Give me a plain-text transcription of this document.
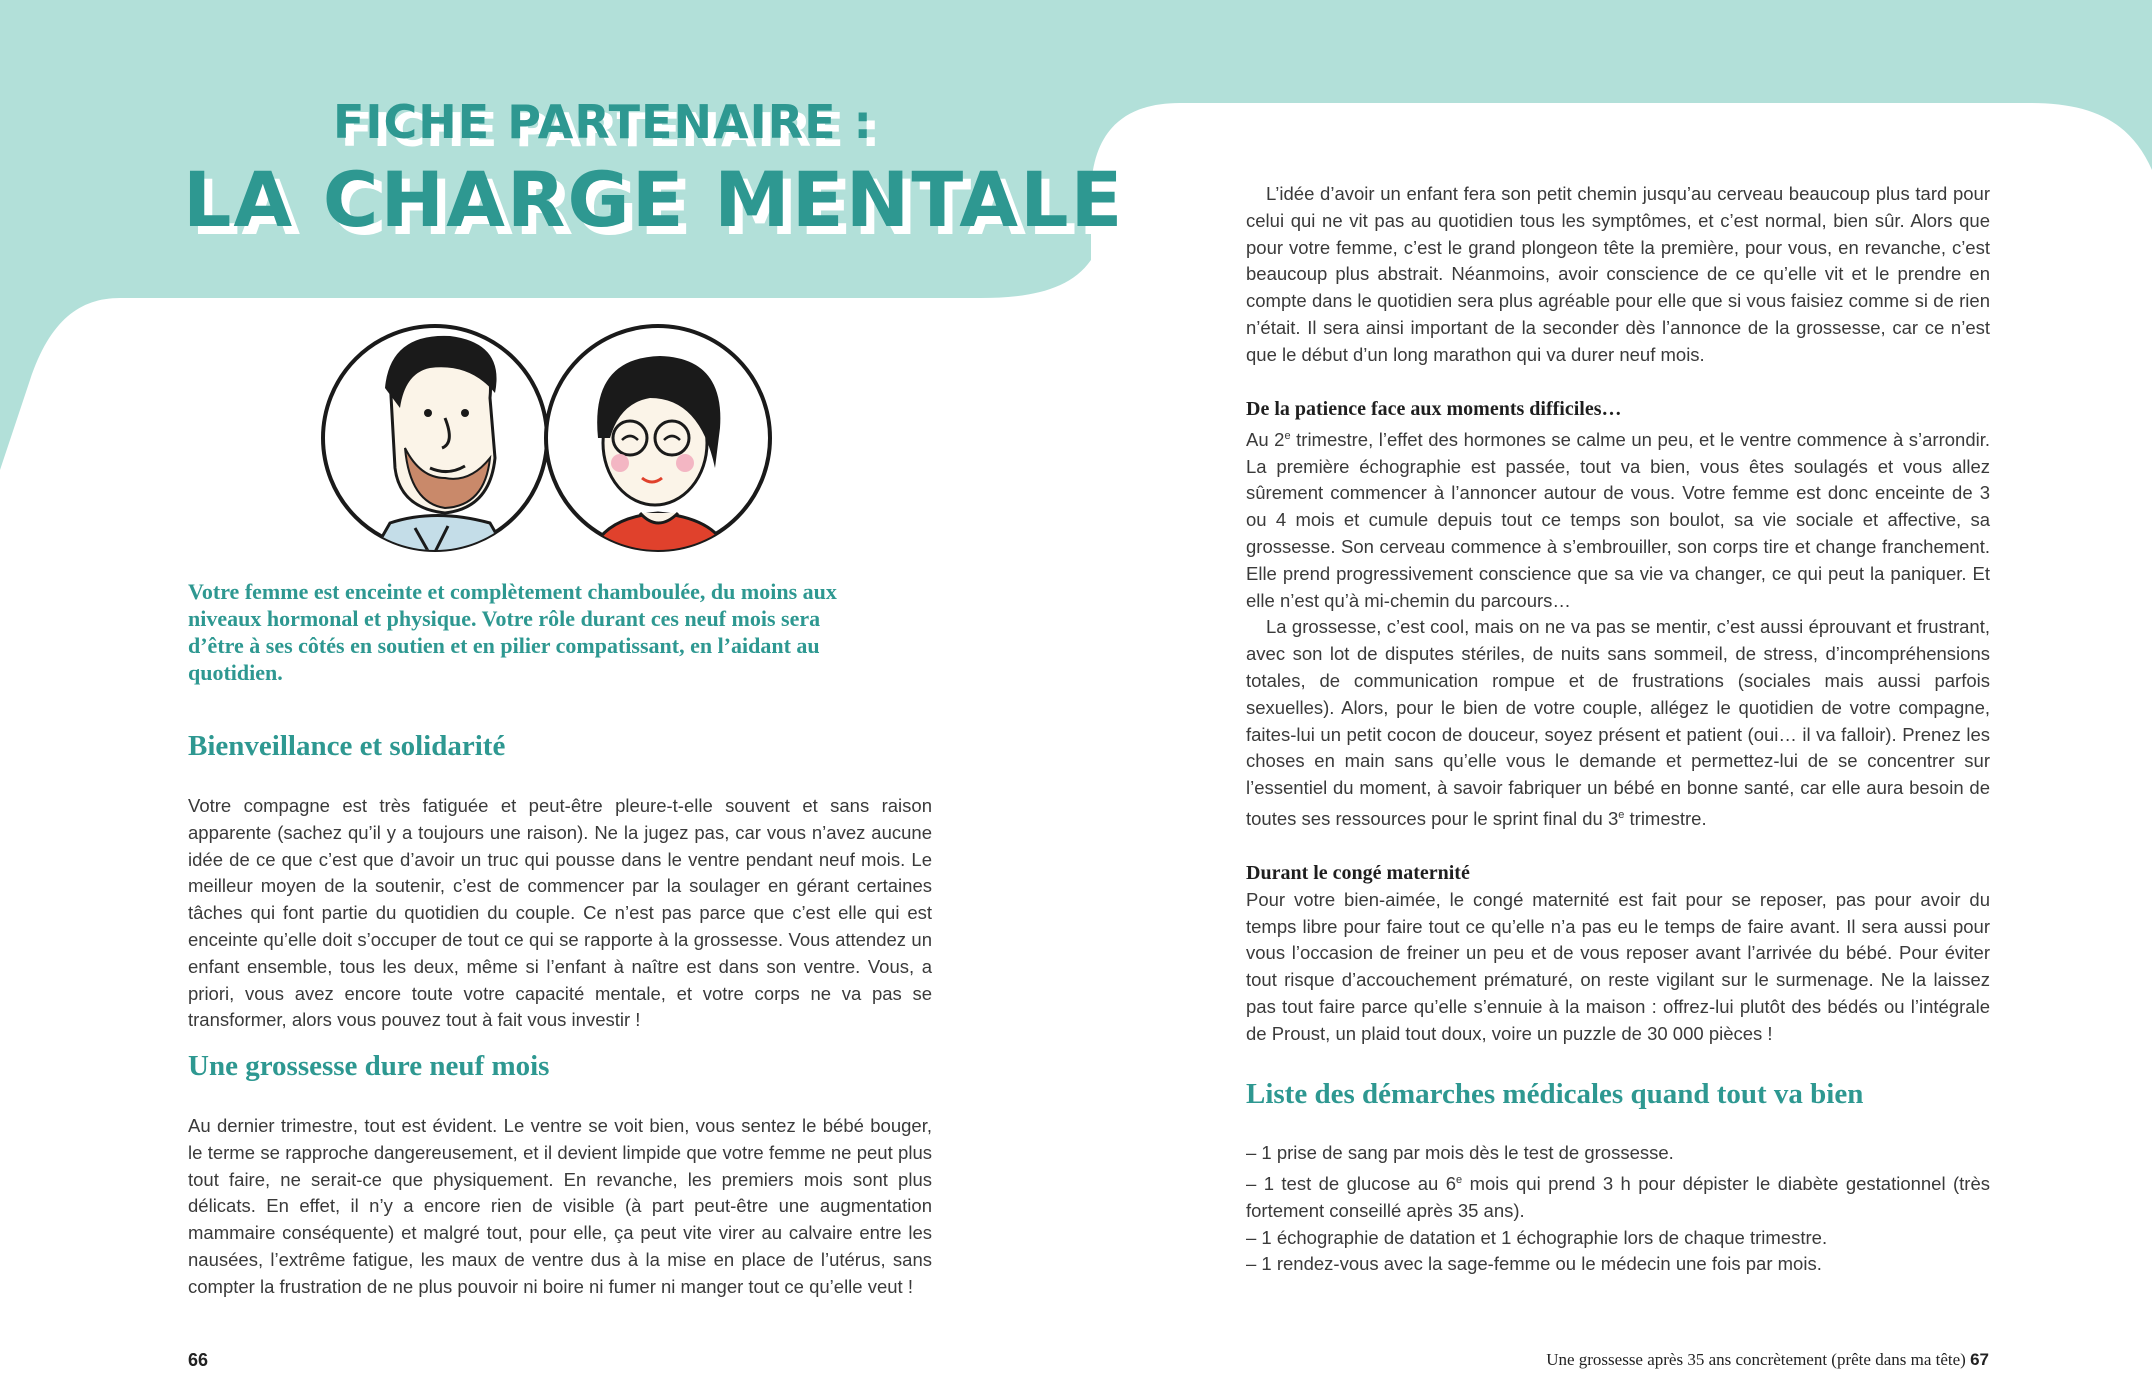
FICHE PARTENAIRE :
LA CHARGE MENTALE
Votre femme est enceinte et complètement chamboulée, du moins aux niveaux hormonal et physique. Votre rôle durant ces neuf mois sera d’être à ses côtés en soutien et en pilier compatissant, en l’aidant au quotidien.
Bienveillance et solidarité

Votre compagne est très fatiguée et peut-être pleure-t-elle souvent et sans raison apparente (sachez qu’il y a toujours une raison). Ne la jugez pas, car vous n’avez aucune idée de ce que c’est que d’avoir un truc qui pousse dans le ventre pendant neuf mois. Le meilleur moyen de la soutenir, c’est de commencer par la soulager en gérant certaines tâches qui font partie du quotidien du couple. Ce n’est pas parce que c’est elle qui est enceinte qu’elle doit s’occuper de tout ce qui se rapporte à la grossesse. Vous attendez un enfant ensemble, tous les deux, même si l’enfant à naître est dans son ventre. Vous, a priori, vous avez encore toute votre capacité mentale, et votre corps ne va pas se transformer, alors vous pouvez tout à fait vous investir !

Une grossesse dure neuf mois

Au dernier trimestre, tout est évident. Le ventre se voit bien, vous sentez le bébé bouger, le terme se rapproche dangereusement, et il devient limpide que votre femme ne peut plus tout faire, ne serait-ce que physiquement. En revanche, les premiers mois sont plus délicats. En effet, il n’y a encore rien de visible (à part peut-être une augmentation mammaire conséquente) et malgré tout, pour elle, ça peut vite virer au calvaire entre les nausées, l’extrême fatigue, les maux de ventre dus à la mise en place de l’utérus, sans compter la frustration de ne plus pouvoir ni boire ni fumer ni manger tout ce qu’elle veut !

66

L’idée d’avoir un enfant fera son petit chemin jusqu’au cerveau beaucoup plus tard pour celui qui ne vit pas au quotidien tous les symptômes, et c’est normal, bien sûr. Alors que pour votre femme, c’est le grand plongeon tête la première, pour vous, en revanche, c’est beaucoup plus abstrait. Néanmoins, avoir conscience de ce qu’elle vit et le prendre en compte dans le quotidien sera plus agréable pour elle que si vous faisiez comme si de rien n’était. Il sera ainsi important de la seconder dès l’annonce de la grossesse, car ce n’est que le début d’un long marathon qui va durer neuf mois.

De la patience face aux moments difficiles…

Au 2e trimestre, l’effet des hormones se calme un peu, et le ventre commence à s’arrondir. La première échographie est passée, tout va bien, vous êtes soulagés et vous allez sûrement commencer à l’annoncer autour de vous. Votre femme est donc enceinte de 3 ou 4 mois et cumule depuis tout ce temps son boulot, sa vie sociale et affective, sa grossesse. Son cerveau commence à s’embrouiller, son corps tire et change franchement. Elle prend progressivement conscience que sa vie va changer, ce qui peut la paniquer. Et elle n’est qu’à mi-chemin du parcours…

La grossesse, c’est cool, mais on ne va pas se mentir, c’est aussi éprouvant et frustrant, avec son lot de disputes stériles, de nuits sans sommeil, de stress, d’incompréhensions totales, de communication rompue et de frustrations (sociales mais aussi parfois sexuelles). Alors, pour le bien de votre couple, allégez le quotidien de votre compagne, faites-lui un petit cocon de douceur, soyez présent et patient (oui… il va falloir). Prenez les choses en main sans qu’elle vous le demande et permettez-lui de se concentrer sur l’essentiel du moment, à savoir fabriquer un bébé en bonne santé, car elle aura besoin de toutes ses ressources pour le sprint final du 3e trimestre.

Durant le congé maternité

Pour votre bien-aimée, le congé maternité est fait pour se reposer, pas pour avoir du temps libre pour faire tout ce qu’elle n’a pas eu le temps de faire avant. Il sera aussi pour vous l’occasion de freiner un peu et de vous reposer avant l’arrivée du bébé. Pour éviter tout risque d’accouchement prématuré, on reste vigilant sur le surmenage. Ne la laissez pas tout faire parce qu’elle s’ennuie à la maison : offrez-lui plutôt des bédés ou l’intégrale de Proust, un plaid tout doux, voire un puzzle de 30 000 pièces !

Liste des démarches médicales quand tout va bien

– 1 prise de sang par mois dès le test de grossesse.

– 1 test de glucose au 6e mois qui prend 3 h pour dépister le diabète gestationnel (très fortement conseillé après 35 ans).

– 1 échographie de datation et 1 échographie lors de chaque trimestre.

– 1 rendez-vous avec la sage-femme ou le médecin une fois par mois.

Une grossesse après 35 ans concrètement (prête dans ma tête) 67
